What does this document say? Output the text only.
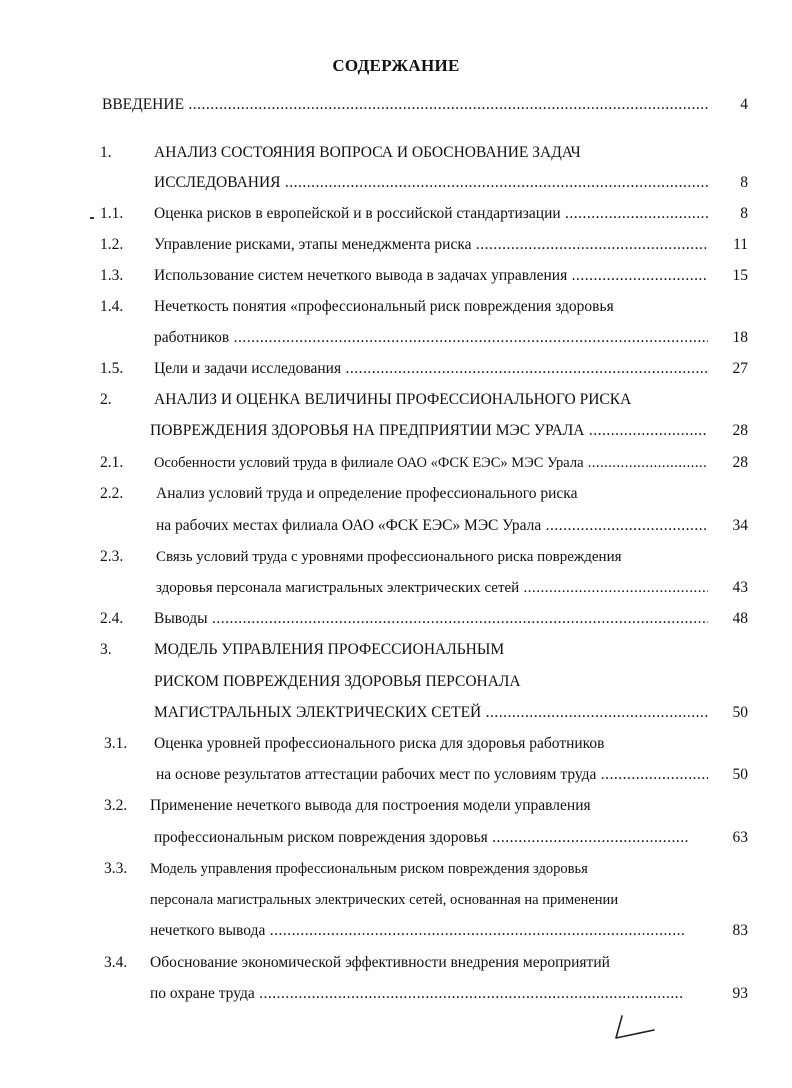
СОДЕРЖАНИЕ
ВВЕДЕНИЕ .....	4
1.	АНАЛИЗ СОСТОЯНИЯ ВОПРОСА И ОБОСНОВАНИЕ ЗАДАЧ
ИССЛЕДОВАНИЯ .....	8
1.1.	Оценка рисков в европейской и в российской стандартизации .....	8
1.2.	Управление рисками, этапы менеджмента риска .....	11
1.3.	Использование систем нечеткого вывода в задачах управления .....	15
1.4.	Нечеткость понятия «профессиональный риск повреждения здоровья
работников .....	18
1.5.	Цели и задачи исследования .....	27
2.	АНАЛИЗ И ОЦЕНКА ВЕЛИЧИНЫ ПРОФЕССИОНАЛЬНОГО РИСКА
ПОВРЕЖДЕНИЯ ЗДОРОВЬЯ НА ПРЕДПРИЯТИИ МЭС УРАЛА .....	28
2.1.	Особенности условий труда в филиале ОАО «ФСК ЕЭС» МЭС Урала .....	28
2.2.	Анализ условий труда и определение профессионального риска
на рабочих местах филиала ОАО «ФСК ЕЭС» МЭС Урала .....	34
2.3.	Связь условий труда с уровнями профессионального риска повреждения
здоровья персонала магистральных электрических сетей .....	43
2.4.	Выводы .....	48
3.	МОДЕЛЬ УПРАВЛЕНИЯ ПРОФЕССИОНАЛЬНЫМ
РИСКОМ ПОВРЕЖДЕНИЯ ЗДОРОВЬЯ ПЕРСОНАЛА
МАГИСТРАЛЬНЫХ ЭЛЕКТРИЧЕСКИХ СЕТЕЙ .....	50
3.1.	Оценка уровней профессионального риска для здоровья работников
на основе результатов аттестации рабочих мест по условиям труда .....	50
3.2.	Применение нечеткого вывода для построения модели управления
профессиональным риском повреждения здоровья .....	63
3.3.	Модель управления профессиональным риском повреждения здоровья
персонала магистральных электрических сетей, основанная на применении
нечеткого вывода .....	83
3.4.	Обоснование экономической эффективности внедрения мероприятий
по охране труда .....	93
